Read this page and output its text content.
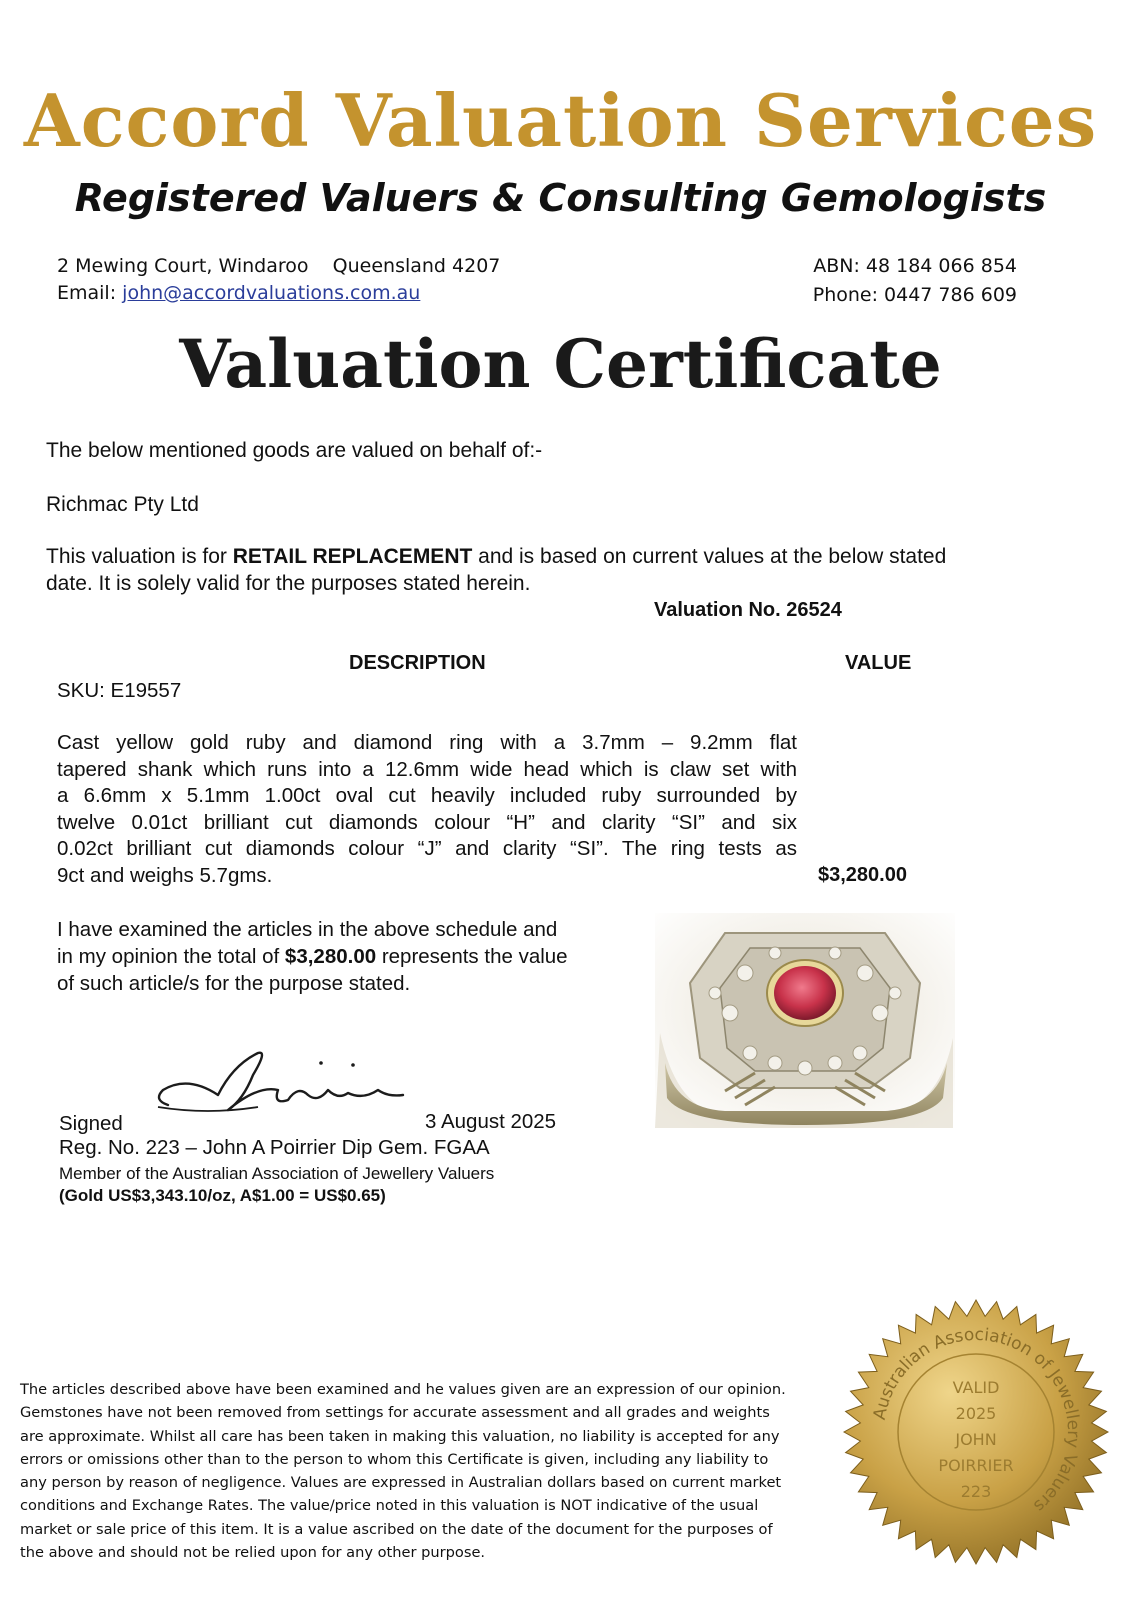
Accord Valuation Services
Registered Valuers & Consulting Gemologists
2 Mewing Court, Windaroo Queensland 4207
Email: john@accordvaluations.com.au
ABN: 48 184 066 854
Phone: 0447 786 609
Valuation Certificate
The below mentioned goods are valued on behalf of:-
Richmac Pty Ltd
This valuation is for RETAIL REPLACEMENT and is based on current values at the below stated
date. It is solely valid for the purposes stated herein.
Valuation No. 26524
DESCRIPTION	VALUE
SKU: E19557
Cast yellow gold ruby and diamond ring with a 3.7mm – 9.2mm flat
tapered shank which runs into a 12.6mm wide head which is claw set with
a 6.6mm x 5.1mm 1.00ct oval cut heavily included ruby surrounded by
twelve 0.01ct brilliant cut diamonds colour “H” and clarity “SI” and six
0.02ct brilliant cut diamonds colour “J” and clarity “SI”. The ring tests as
9ct and weighs 5.7gms.	$3,280.00
I have examined the articles in the above schedule and
in my opinion the total of $3,280.00 represents the value
of such article/s for the purpose stated.
Signed	3 August 2025
Reg. No. 223 – John A Poirrier Dip Gem. FGAA
Member of the Australian Association of Jewellery Valuers
(Gold US$3,343.10/oz, A$1.00 = US$0.65)
The articles described above have been examined and he values given are an expression of our opinion.
Gemstones have not been removed from settings for accurate assessment and all grades and weights
are approximate. Whilst all care has been taken in making this valuation, no liability is accepted for any
errors or omissions other than to the person to whom this Certificate is given, including any liability to
any person by reason of negligence. Values are expressed in Australian dollars based on current market
conditions and Exchange Rates. The value/price noted in this valuation is NOT indicative of the usual
market or sale price of this item. It is a value ascribed on the date of the document for the purposes of
the above and should not be relied upon for any other purpose.
Australian Association of Jewellery Valuers
VALID
2025
JOHN
POIRRIER
223
